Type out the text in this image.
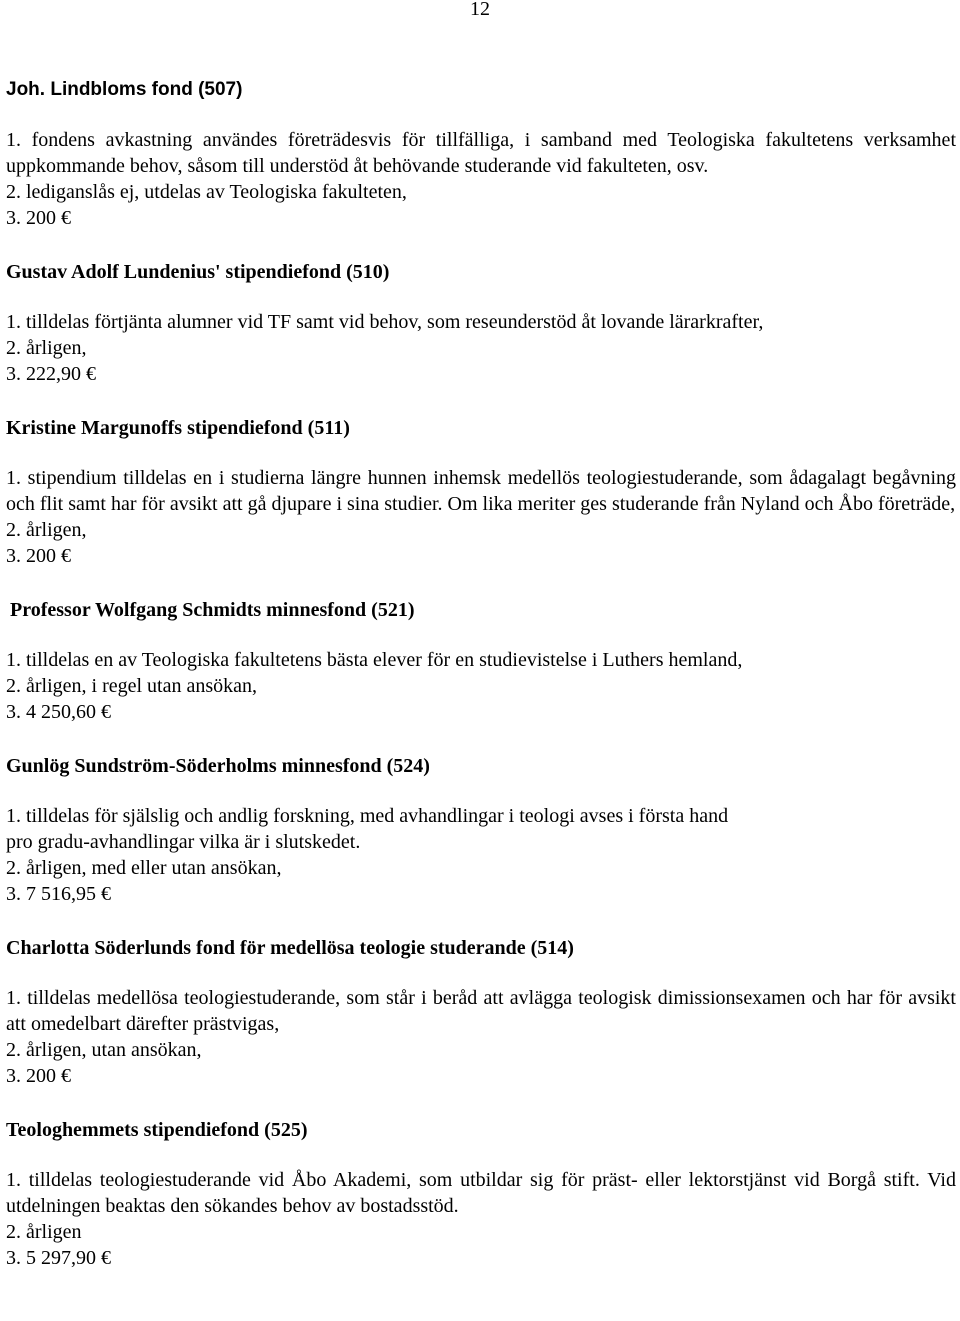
12
Joh. Lindbloms fond (507)

1. fondens avkastning användes företrädesvis för tillfälliga, i samband med Teologiska fakultetens verksamhet uppkommande behov, såsom till understöd åt behövande studerande vid fakulteten, osv.

2. lediganslås ej, utdelas av Teologiska fakulteten,

3. 200 €

Gustav Adolf Lundenius' stipendiefond (510)

1. tilldelas förtjänta alumner vid TF samt vid behov, som reseunderstöd åt lovande lärarkrafter,

2. årligen,

3. 222,90 €

Kristine Margunoffs stipendiefond (511)

1. stipendium tilldelas en i studierna längre hunnen inhemsk medellös teologiestuderande, som ådagalagt begåvning och flit samt har för avsikt att gå djupare i sina studier. Om lika meriter ges studerande från Nyland och Åbo företräde,

2. årligen,

3. 200 €

Professor Wolfgang Schmidts minnesfond (521)

1. tilldelas en av Teologiska fakultetens bästa elever för en studievistelse i Luthers hemland,

2. årligen, i regel utan ansökan,

3. 4 250,60 €

Gunlög Sundström-Söderholms minnesfond (524)

1. tilldelas för själslig och andlig forskning, med avhandlingar i teologi avses i första hand

pro gradu-avhandlingar vilka är i slutskedet.

2. årligen, med eller utan ansökan,

3. 7 516,95 €

Charlotta Söderlunds fond för medellösa teologie studerande (514)

1. tilldelas medellösa teologiestuderande, som står i beråd att avlägga teologisk dimissionsexamen och har för avsikt att omedelbart därefter prästvigas,

2. årligen, utan ansökan,

3. 200 €

Teologhemmets stipendiefond (525)

1. tilldelas teologiestuderande vid Åbo Akademi, som utbildar sig för präst- eller lektorstjänst vid Borgå stift. Vid utdelningen beaktas den sökandes behov av bostadsstöd.

2. årligen

3. 5 297,90 €
